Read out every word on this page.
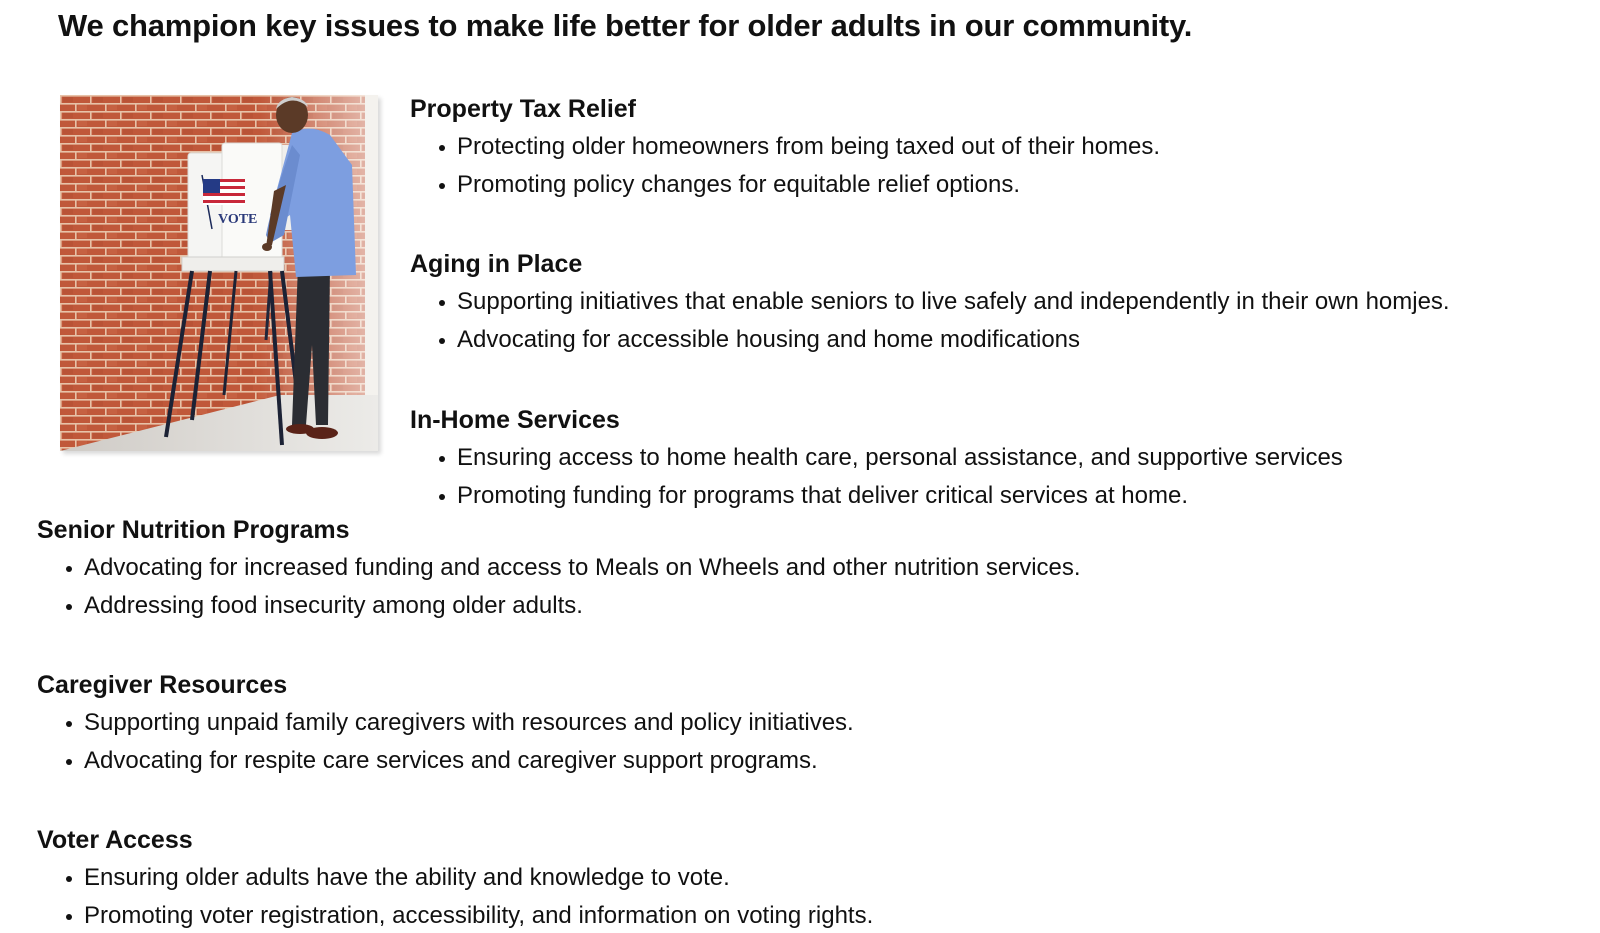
We champion key issues to make life better for older adults in our community.
VOTE
Property Tax Relief
Protecting older homeowners from being taxed out of their homes.
Promoting policy changes for equitable relief options.
Aging in Place
Supporting initiatives that enable seniors to live safely and independently in their own homjes.
Advocating for accessible housing and home modifications
In-Home Services
Ensuring access to home health care, personal assistance, and supportive services
Promoting funding for programs that deliver critical services at home.
Senior Nutrition Programs
Advocating for increased funding and access to Meals on Wheels and other nutrition services.
Addressing food insecurity among older adults.
Caregiver Resources
Supporting unpaid family caregivers with resources and policy initiatives.
Advocating for respite care services and caregiver support programs.
Voter Access
Ensuring older adults have the ability and knowledge to vote.
Promoting voter registration, accessibility, and information on voting rights.
